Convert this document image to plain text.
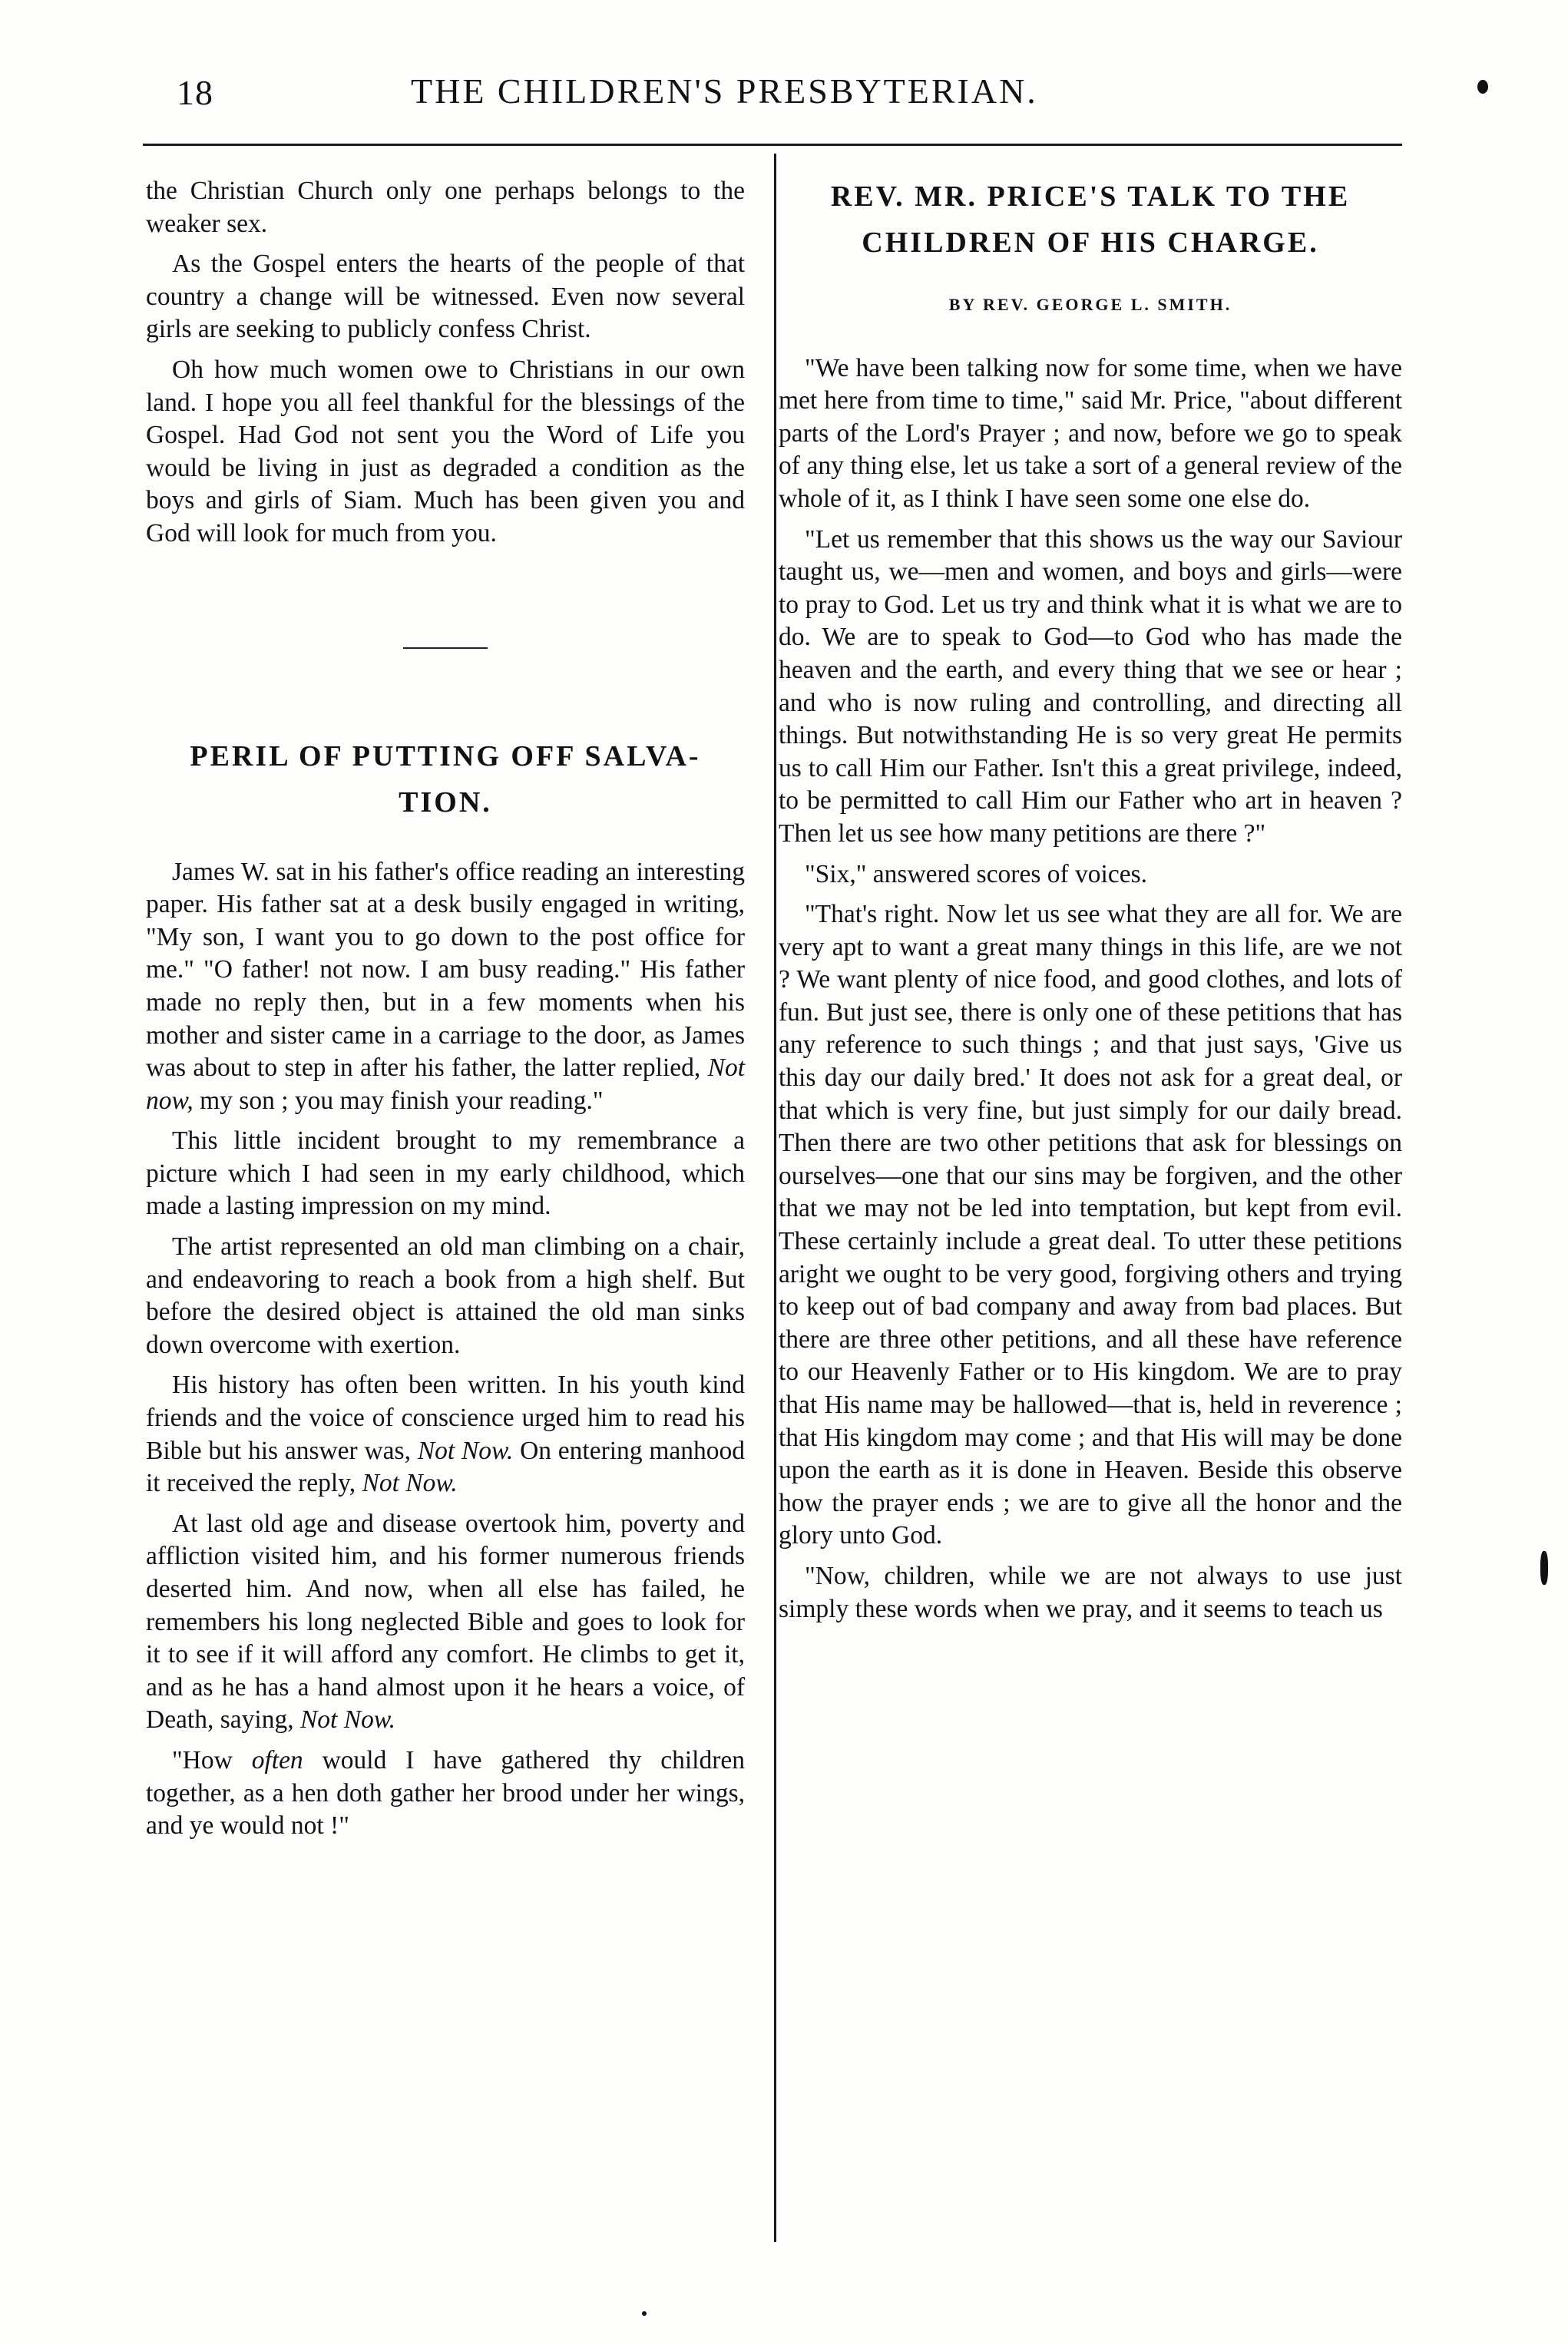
18	THE CHILDREN'S PRESBYTERIAN.

the Christian Church only one perhaps belongs to the weaker sex.

As the Gospel enters the hearts of the people of that country a change will be witnessed. Even now several girls are seeking to publicly confess Christ.

Oh how much women owe to Christians in our own land. I hope you all feel thankful for the blessings of the Gospel. Had God not sent you the Word of Life you would be living in just as degraded a condition as the boys and girls of Siam. Much has been given you and God will look for much from you.

PERIL OF PUTTING OFF SALVA-TION.

James W. sat in his father's office reading an interesting paper. His father sat at a desk busily engaged in writing, "My son, I want you to go down to the post office for me." "O father! not now. I am busy reading." His father made no reply then, but in a few moments when his mother and sister came in a carriage to the door, as James was about to step in after his father, the latter replied, Not now, my son ; you may finish your reading."

This little incident brought to my remembrance a picture which I had seen in my early childhood, which made a lasting impression on my mind.

The artist represented an old man climbing on a chair, and endeavoring to reach a book from a high shelf. But before the desired object is attained the old man sinks down overcome with exertion.

His history has often been written. In his youth kind friends and the voice of conscience urged him to read his Bible but his answer was, Not Now. On entering manhood it received the reply, Not Now.

At last old age and disease overtook him, poverty and affliction visited him, and his former numerous friends deserted him. And now, when all else has failed, he remembers his long neglected Bible and goes to look for it to see if it will afford any comfort. He climbs to get it, and as he has a hand almost upon it he hears a voice, of Death, saying, Not Now.

"How often would I have gathered thy children together, as a hen doth gather her brood under her wings, and ye would not !"

REV. MR. PRICE'S TALK TO THE CHILDREN OF HIS CHARGE.
BY REV. GEORGE L. SMITH.

"We have been talking now for some time, when we have met here from time to time," said Mr. Price, "about different parts of the Lord's Prayer ; and now, before we go to speak of any thing else, let us take a sort of a general review of the whole of it, as I think I have seen some one else do.

"Let us remember that this shows us the way our Saviour taught us, we—men and women, and boys and girls—were to pray to God. Let us try and think what it is what we are to do. We are to speak to God—to God who has made the heaven and the earth, and every thing that we see or hear ; and who is now ruling and controlling, and directing all things. But notwithstanding He is so very great He permits us to call Him our Father. Isn't this a great privilege, indeed, to be permitted to call Him our Father who art in heaven ? Then let us see how many petitions are there ?"

"Six," answered scores of voices.

"That's right. Now let us see what they are all for. We are very apt to want a great many things in this life, are we not ? We want plenty of nice food, and good clothes, and lots of fun. But just see, there is only one of these petitions that has any reference to such things ; and that just says, 'Give us this day our daily bred.' It does not ask for a great deal, or that which is very fine, but just simply for our daily bread. Then there are two other petitions that ask for blessings on ourselves—one that our sins may be forgiven, and the other that we may not be led into temptation, but kept from evil. These certainly include a great deal. To utter these petitions aright we ought to be very good, forgiving others and trying to keep out of bad company and away from bad places. But there are three other petitions, and all these have reference to our Heavenly Father or to His kingdom. We are to pray that His name may be hallowed—that is, held in reverence ; that His kingdom may come ; and that His will may be done upon the earth as it is done in Heaven. Beside this observe how the prayer ends ; we are to give all the honor and the glory unto God.

"Now, children, while we are not always to use just simply these words when we pray, and it seems to teach us
